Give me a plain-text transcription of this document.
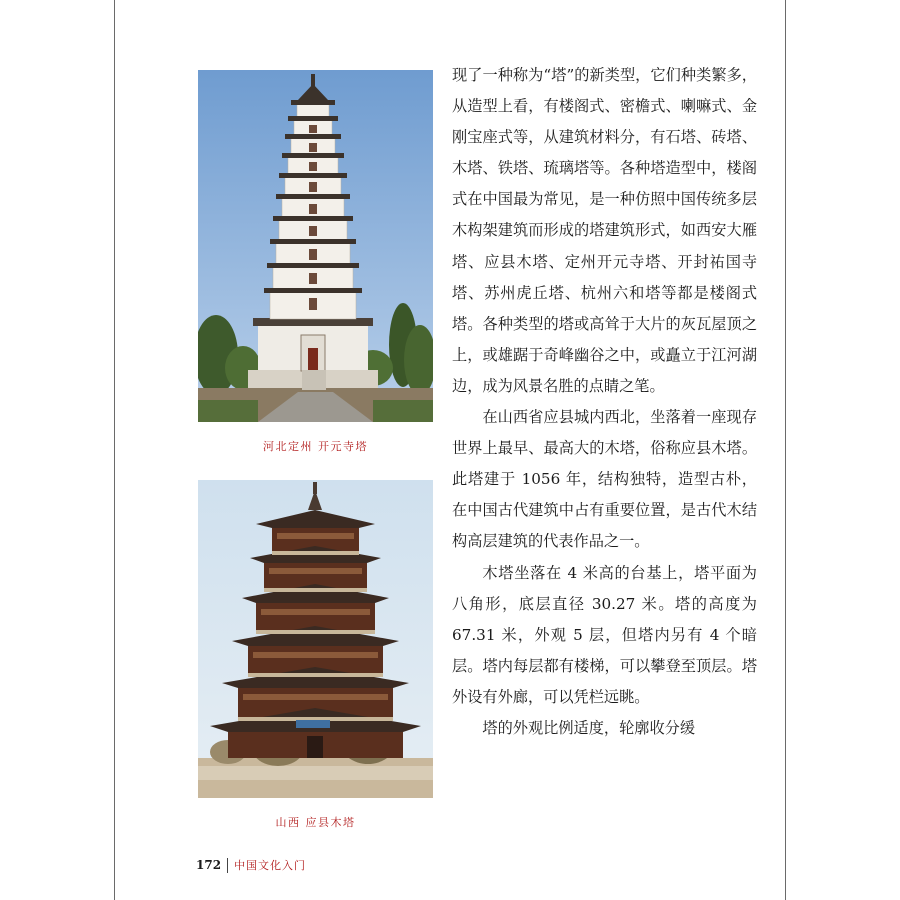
河北定州 开元寺塔
山西 应县木塔

现了一种称为“塔”的新类型，它们种类繁多，从造型上看，有楼阁式、密檐式、喇嘛式、金刚宝座式等，从建筑材料分，有石塔、砖塔、木塔、铁塔、琉璃塔等。各种塔造型中，楼阁式在中国最为常见，是一种仿照中国传统多层木构架建筑而形成的塔建筑形式，如西安大雁塔、应县木塔、定州开元寺塔、开封祐国寺塔、苏州虎丘塔、杭州六和塔等都是楼阁式塔。各种类型的塔或高耸于大片的灰瓦屋顶之上，或雄踞于奇峰幽谷之中，或矗立于江河湖边，成为风景名胜的点睛之笔。

在山西省应县城内西北，坐落着一座现存世界上最早、最高大的木塔，俗称应县木塔。此塔建于 1056 年，结构独特，造型古朴，在中国古代建筑中占有重要位置，是古代木结构高层建筑的代表作品之一。

木塔坐落在 4 米高的台基上，塔平面为八角形，底层直径 30.27 米。塔的高度为 67.31 米，外观 5 层，但塔内另有 4 个暗层。塔内每层都有楼梯，可以攀登至顶层。塔外设有外廊，可以凭栏远眺。

塔的外观比例适度，轮廓收分缓

172 中国文化入门
